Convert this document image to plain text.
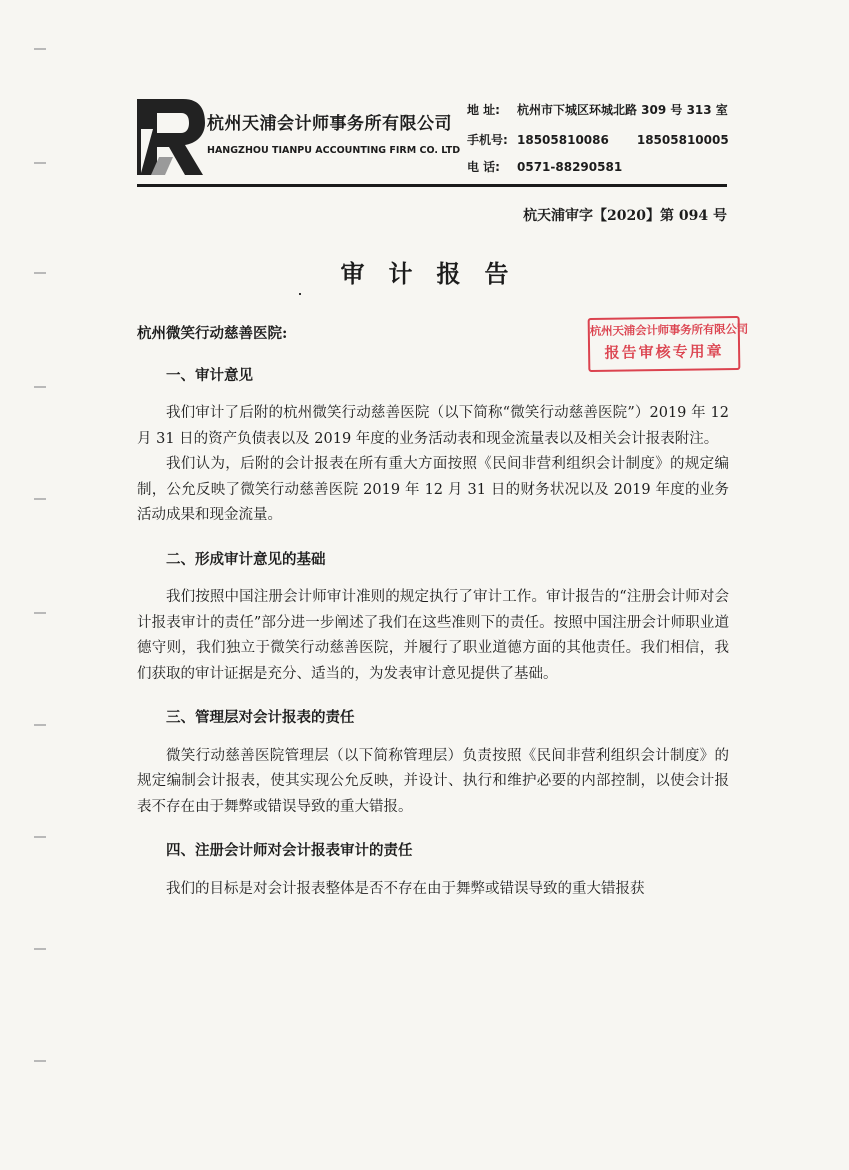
杭州天浦会计师事务所有限公司
HANGZHOU TIANPU ACCOUNTING FIRM CO. LTD
地 址: 杭州市下城区环城北路 309 号 313 室
手机号: 18505810086 18505810005
电 话: 0571-88290581
杭天浦审字【2020】第 094 号
审计报告
杭州天浦会计师事务所有限公司
报告审核专用章
杭州微笑行动慈善医院:
一、审计意见

我们审计了后附的杭州微笑行动慈善医院（以下简称“微笑行动慈善医院”）2019 年 12 月 31 日的资产负债表以及 2019 年度的业务活动表和现金流量表以及相关会计报表附注。

我们认为，后附的会计报表在所有重大方面按照《民间非营利组织会计制度》的规定编制，公允反映了微笑行动慈善医院 2019 年 12 月 31 日的财务状况以及 2019 年度的业务活动成果和现金流量。

二、形成审计意见的基础

我们按照中国注册会计师审计准则的规定执行了审计工作。审计报告的“注册会计师对会计报表审计的责任”部分进一步阐述了我们在这些准则下的责任。按照中国注册会计师职业道德守则，我们独立于微笑行动慈善医院，并履行了职业道德方面的其他责任。我们相信，我们获取的审计证据是充分、适当的，为发表审计意见提供了基础。

三、管理层对会计报表的责任

微笑行动慈善医院管理层（以下简称管理层）负责按照《民间非营利组织会计制度》的规定编制会计报表，使其实现公允反映，并设计、执行和维护必要的内部控制，以使会计报表不存在由于舞弊或错误导致的重大错报。

四、注册会计师对会计报表审计的责任

我们的目标是对会计报表整体是否不存在由于舞弊或错误导致的重大错报获
